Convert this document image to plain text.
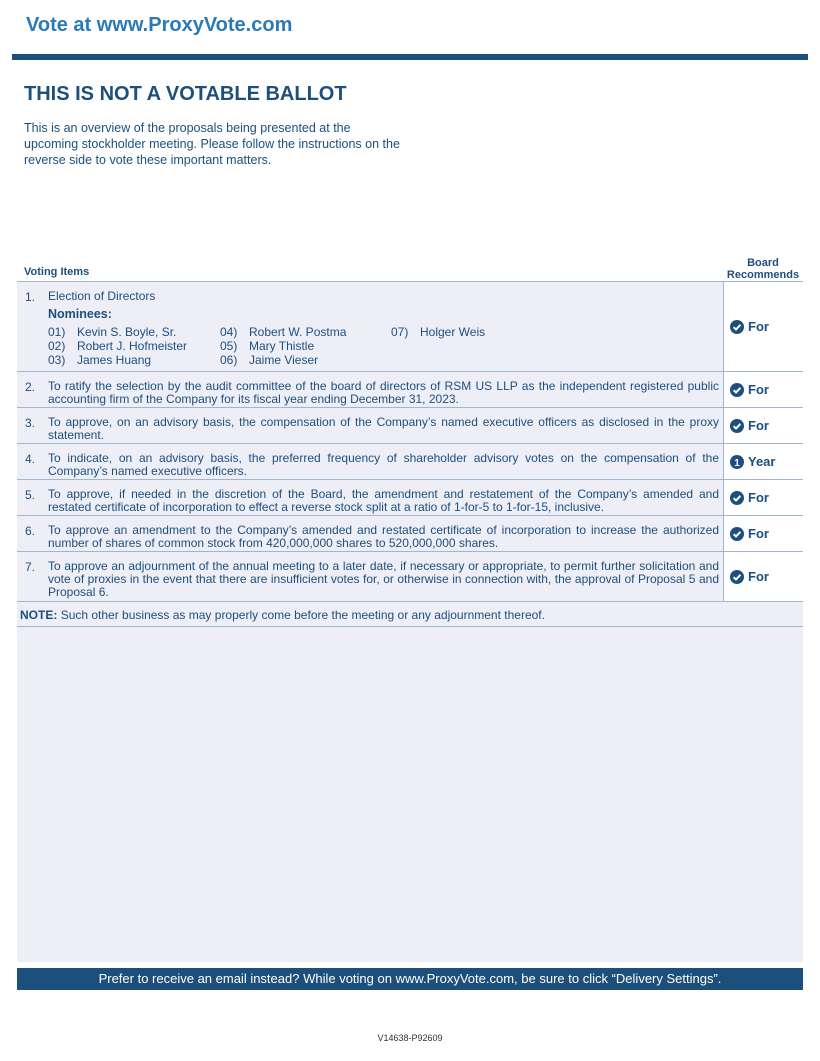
Vote at www.ProxyVote.com
THIS IS NOT A VOTABLE BALLOT
This is an overview of the proposals being presented at the upcoming stockholder meeting. Please follow the instructions on the reverse side to vote these important matters.
Voting Items
Board
Recommends
1. Election of Directors
Nominees:
01) Kevin S. Boyle, Sr.
02) Robert J. Hofmeister
03) James Huang
04) Robert W. Postma
05) Mary Thistle
06) Jaime Vieser
07) Holger Weis	For
2. To ratify the selection by the audit committee of the board of directors of RSM US LLP as the independent registered public accounting firm of the Company for its fiscal year ending December 31, 2023.
For
3. To approve, on an advisory basis, the compensation of the Company’s named executive officers as disclosed in the proxy statement.
For
4. To indicate, on an advisory basis, the preferred frequency of shareholder advisory votes on the compensation of the Company’s named executive officers.
1 Year
5. To approve, if needed in the discretion of the Board, the amendment and restatement of the Company’s amended and restated certificate of incorporation to effect a reverse stock split at a ratio of 1-for-5 to 1-for-15, inclusive.
For
6. To approve an amendment to the Company’s amended and restated certificate of incorporation to increase the authorized number of shares of common stock from 420,000,000 shares to 520,000,000 shares.
For
7. To approve an adjournment of the annual meeting to a later date, if necessary or appropriate, to permit further solicitation and vote of proxies in the event that there are insufficient votes for, or otherwise in connection with, the approval of Proposal 5 and Proposal 6.
For
NOTE: Such other business as may properly come before the meeting or any adjournment thereof.
Prefer to receive an email instead? While voting on www.ProxyVote.com, be sure to click “Delivery Settings”.
V14638-P92609
